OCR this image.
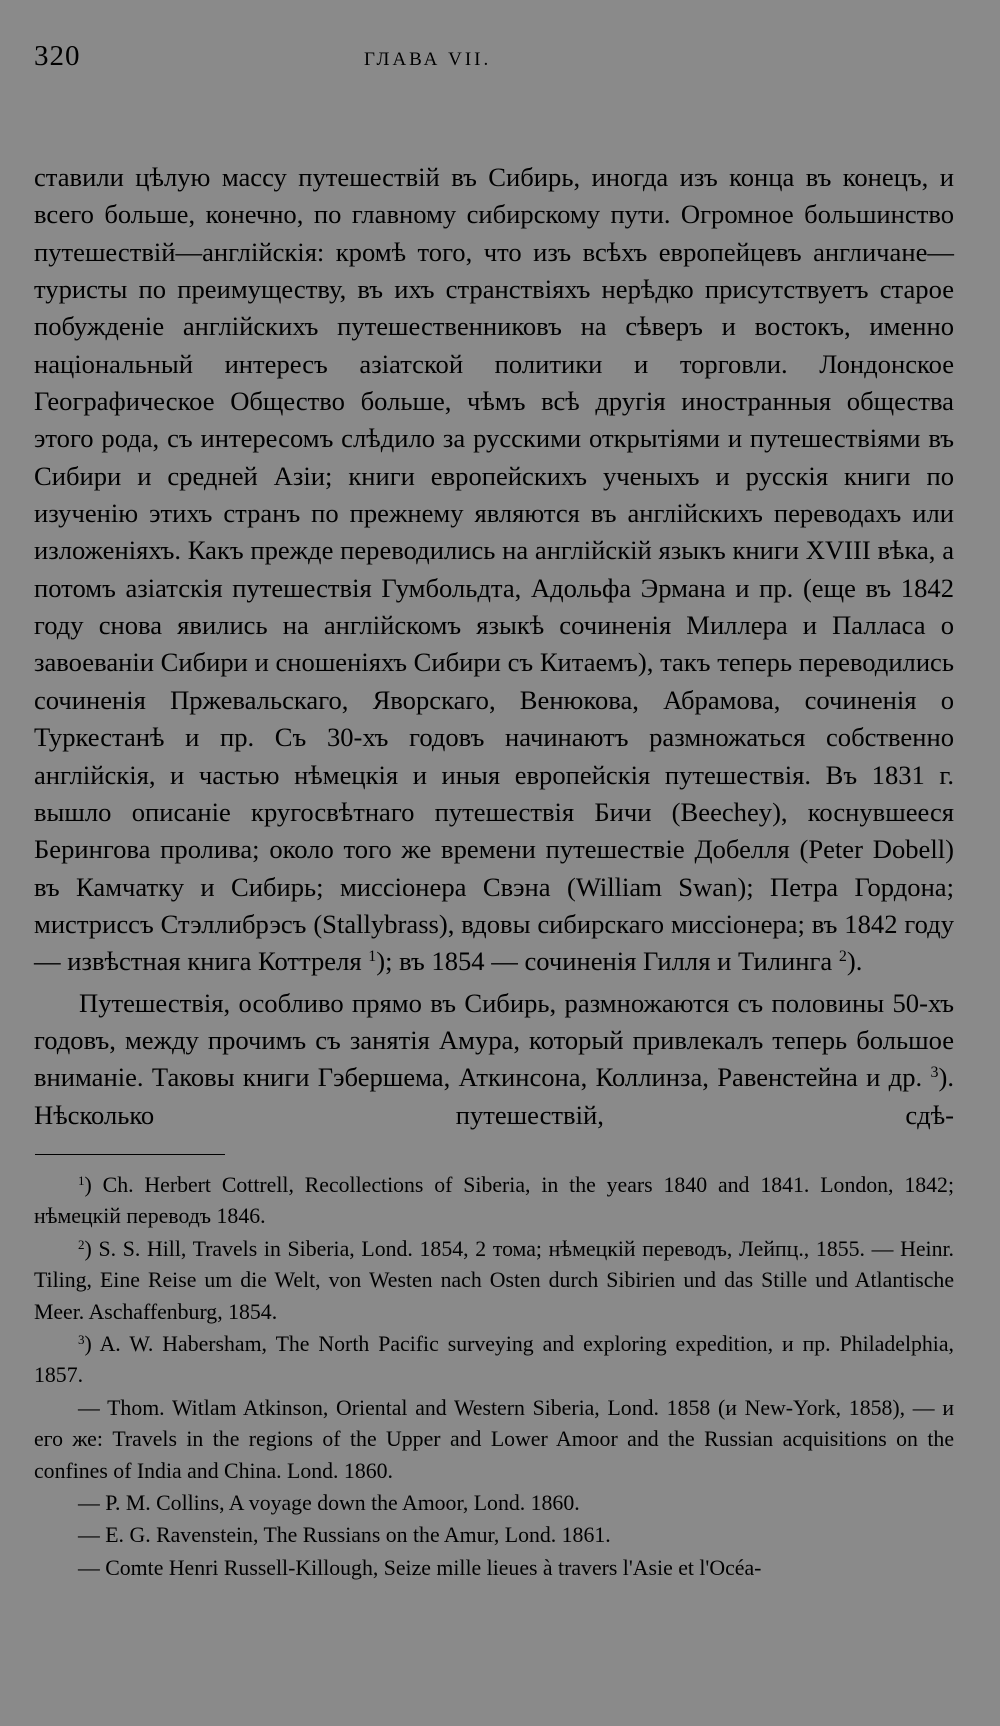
320	ГЛАВА VII.

ставили цѣлую массу путешествій въ Сибирь, иногда изъ конца въ конецъ, и всего больше, конечно, по главному сибирскому пути. Огромное большинство путешествій—англійскія: кромѣ того, что изъ всѣхъ европейцевъ англичане—туристы по преимуществу, въ ихъ странствіяхъ нерѣдко присутствуетъ старое побужденіе англійскихъ путешественниковъ на сѣверъ и востокъ, именно національный интересъ азіатской политики и торговли. Лондонское Географическое Общество больше, чѣмъ всѣ другія иностранныя общества этого рода, съ интересомъ слѣдило за русскими открытіями и путешествіями въ Сибири и средней Азіи; книги европейскихъ ученыхъ и русскія книги по изученію этихъ странъ по прежнему являются въ англійскихъ переводахъ или изложеніяхъ. Какъ прежде переводились на англійскій языкъ книги XVIII вѣка, а потомъ азіатскія путешествія Гумбольдта, Адольфа Эрмана и пр. (еще въ 1842 году снова явились на англійскомъ языкѣ сочиненія Миллера и Палласа о завоеваніи Сибири и сношеніяхъ Сибири съ Китаемъ), такъ теперь переводились сочиненія Пржевальскаго, Яворскаго, Венюкова, Абрамова, сочиненія о Туркестанѣ и пр. Съ 30-хъ годовъ начинаютъ размножаться собственно англійскія, и частью нѣмецкія и иныя европейскія путешествія. Въ 1831 г. вышло описаніе кругосвѣтнаго путешествія Бичи (Beechey), коснувшееся Берингова пролива; около того же времени путешествіе Добелля (Peter Dobell) въ Камчатку и Сибирь; миссіонера Свэна (William Swan); Петра Гордона; мистриссъ Стэллибрэсъ (Stallybrass), вдовы сибирскаго миссіонера; въ 1842 году — извѣстная книга Коттреля $^1$); въ 1854 — сочиненія Гилля и Тилинга $^2$).

Путешествія, особливо прямо въ Сибирь, размножаются съ половины 50-хъ годовъ, между прочимъ съ занятія Амура, который привлекалъ теперь большое вниманіе. Таковы книги Гэбершема, Аткинсона, Коллинза, Равенстейна и др. $^3$). Нѣсколько путешествій, сдѣ-

$^1$) Ch. Herbert Cottrell, Recollections of Siberia, in the years 1840 and 1841. London, 1842; нѣмецкій переводъ 1846.

$^2$) S. S. Hill, Travels in Siberia, Lond. 1854, 2 тома; нѣмецкій переводъ, Лейпц., 1855. — Heinr. Tiling, Eine Reise um die Welt, von Westen nach Osten durch Sibirien und das Stille und Atlantische Meer. Aschaffenburg, 1854.

$^3$) A. W. Habersham, The North Pacific surveying and exploring expedition, и пр. Philadelphia, 1857.

— Thom. Witlam Atkinson, Oriental and Western Siberia, Lond. 1858 (и New-York, 1858), — и его же: Travels in the regions of the Upper and Lower Amoor and the Russian acquisitions on the confines of India and China. Lond. 1860.

— P. M. Collins, A voyage down the Amoor, Lond. 1860.

— E. G. Ravenstein, The Russians on the Amur, Lond. 1861.

— Comte Henri Russell-Killough, Seize mille lieues à travers l'Asie et l'Océa-
